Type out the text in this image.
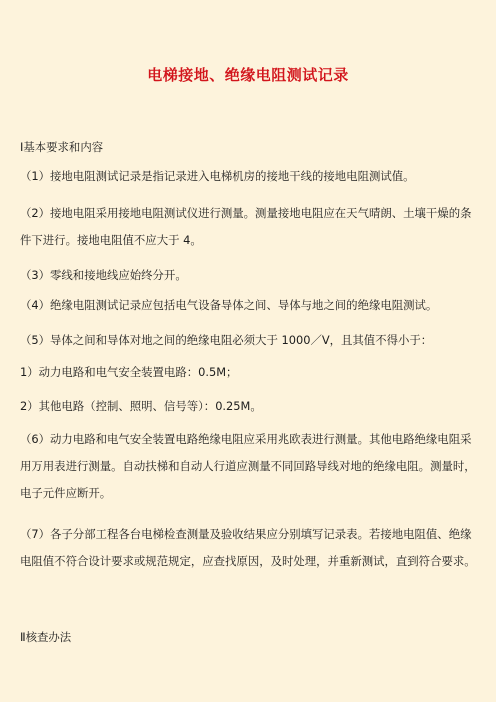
电梯接地、绝缘电阻测试记录
Ⅰ基本要求和内容
（1）接地电阻测试记录是指记录进入电梯机房的接地干线的接地电阻测试值。
（2）接地电阻采用接地电阻测试仪进行测量。测量接地电阻应在天气晴朗、土壤干燥的条件下进行。接地电阻值不应大于 4。
（3）零线和接地线应始终分开。
（4）绝缘电阻测试记录应包括电气设备导体之间、导体与地之间的绝缘电阻测试。
（5）导体之间和导体对地之间的绝缘电阻必须大于 1000／V，且其值不得小于：
1）动力电路和电气安全装置电路：0.5M；
2）其他电路（控制、照明、信号等）：0.25M。
（6）动力电路和电气安全装置电路绝缘电阻应采用兆欧表进行测量。其他电路绝缘电阻采用万用表进行测量。自动扶梯和自动人行道应测量不同回路导线对地的绝缘电阻。测量时，电子元件应断开。
（7）各子分部工程各台电梯检查测量及验收结果应分别填写记录表。若接地电阻值、绝缘电阻值不符合设计要求或规范规定，应查找原因，及时处理，并重新测试，直到符合要求。
Ⅱ核查办法
